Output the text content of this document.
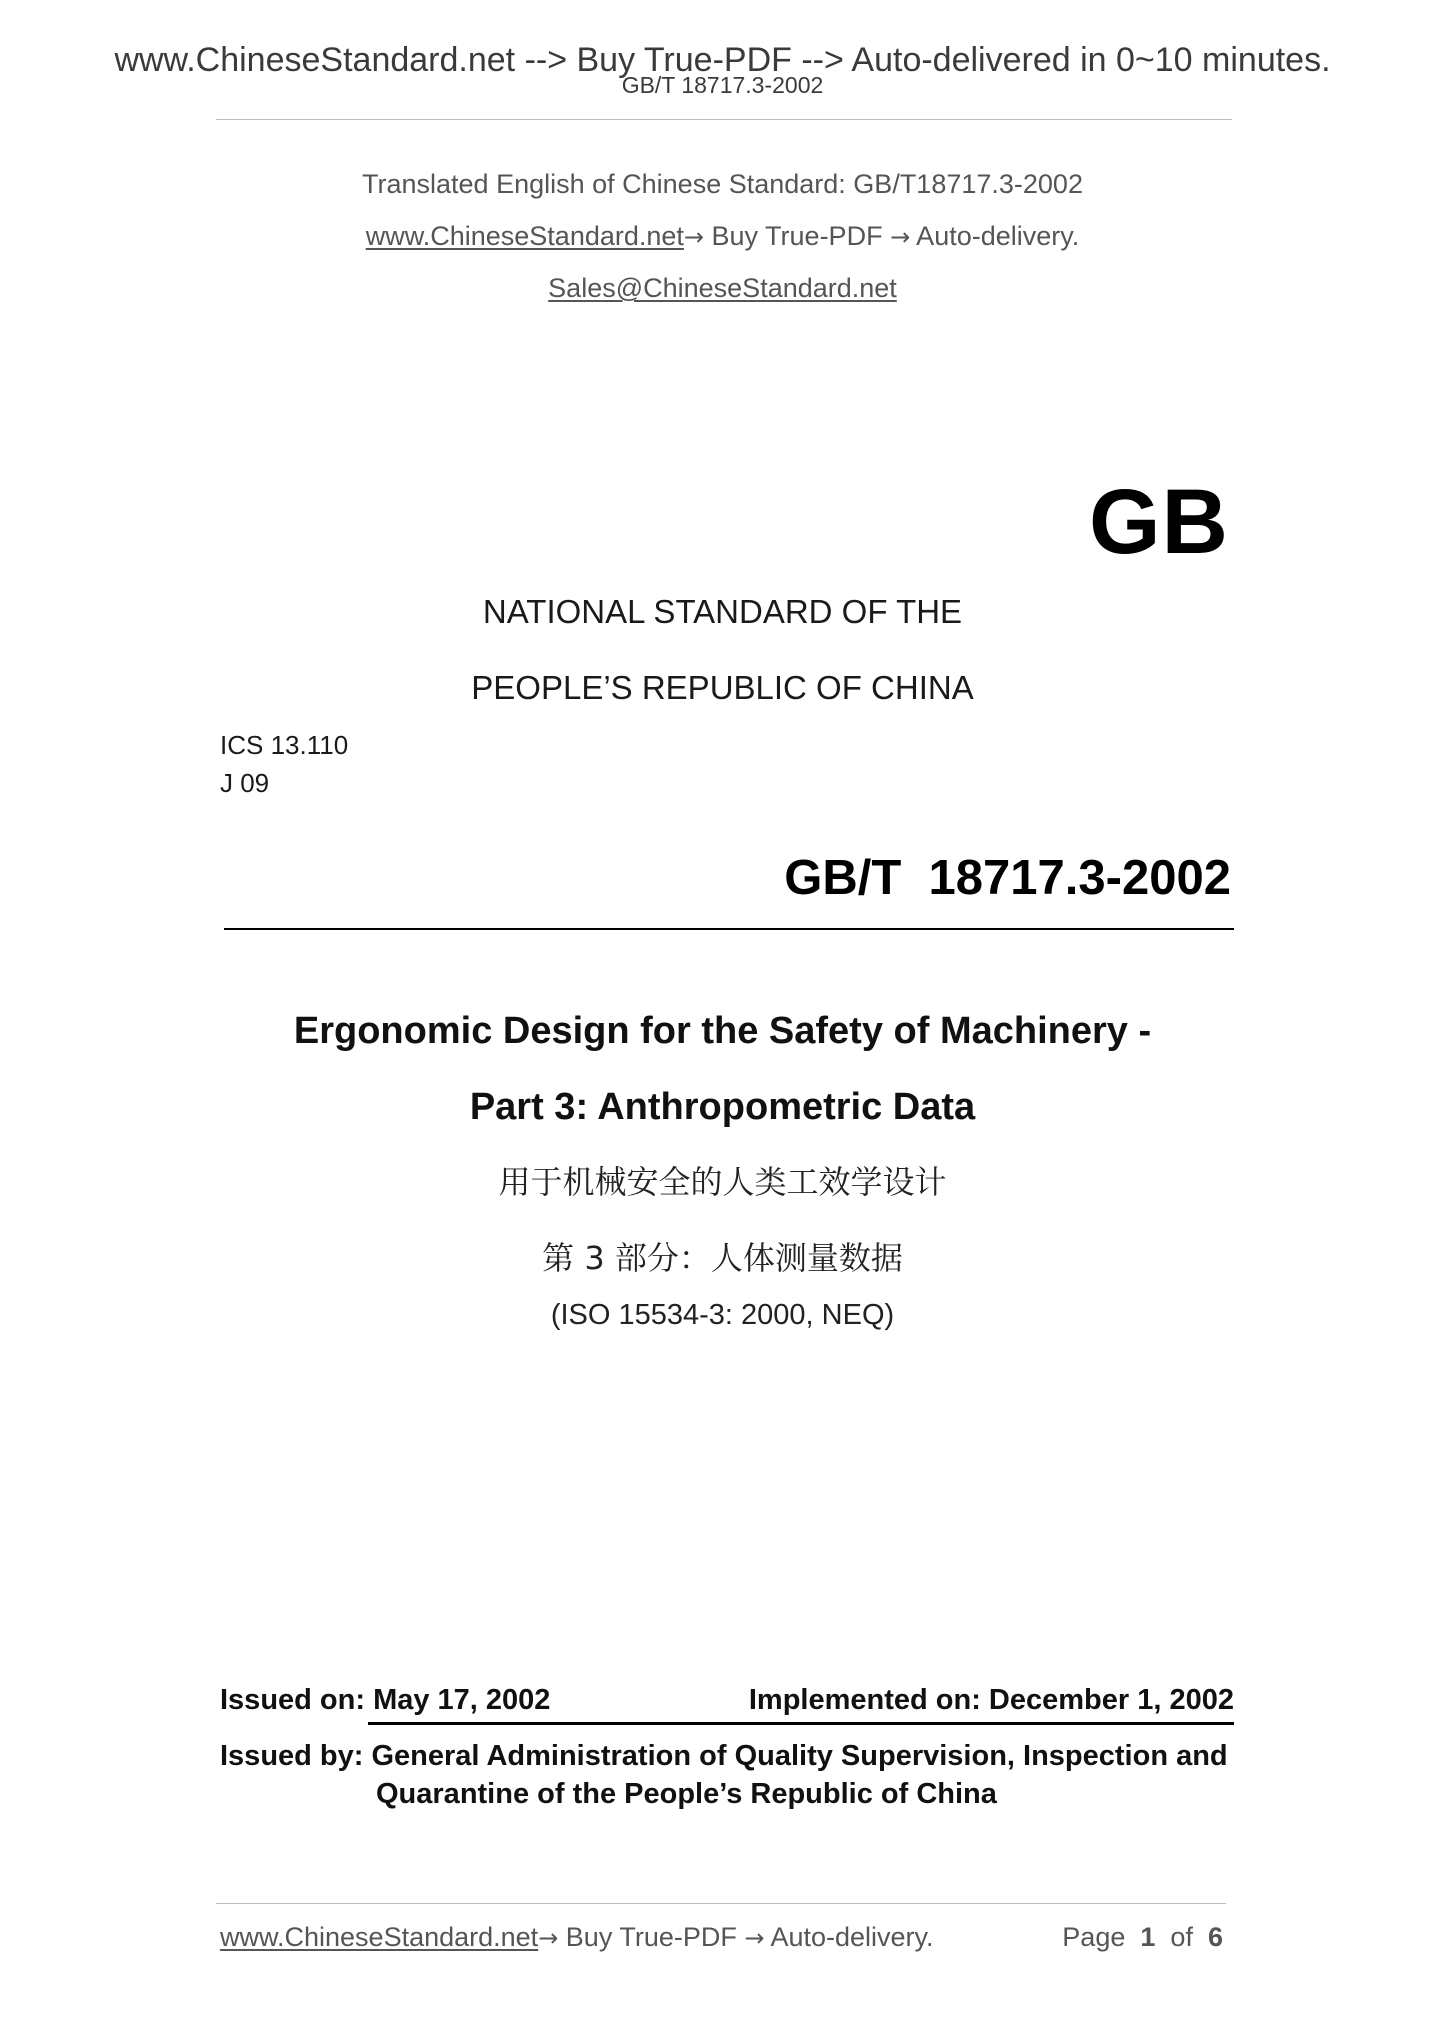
www.ChineseStandard.net --> Buy True-PDF --> Auto-delivered in 0~10 minutes.
GB/T 18717.3-2002
Translated English of Chinese Standard: GB/T18717.3-2002
www.ChineseStandard.net→ Buy True-PDF → Auto-delivery.
Sales@ChineseStandard.net
GB
NATIONAL STANDARD OF THE
PEOPLE’S REPUBLIC OF CHINA
ICS 13.110
J 09
GB/T  18717.3-2002
Ergonomic Design for the Safety of Machinery -
Part 3: Anthropometric Data
用于机械安全的人类工效学设计
第 3 部分：人体测量数据
(ISO 15534-3: 2000, NEQ)
Issued on: May 17, 2002	Implemented on: December 1, 2002
Issued by: General Administration of Quality Supervision, Inspection and
Quarantine of the People’s Republic of China
www.ChineseStandard.net→ Buy True-PDF → Auto-delivery.	Page 1 of 6
